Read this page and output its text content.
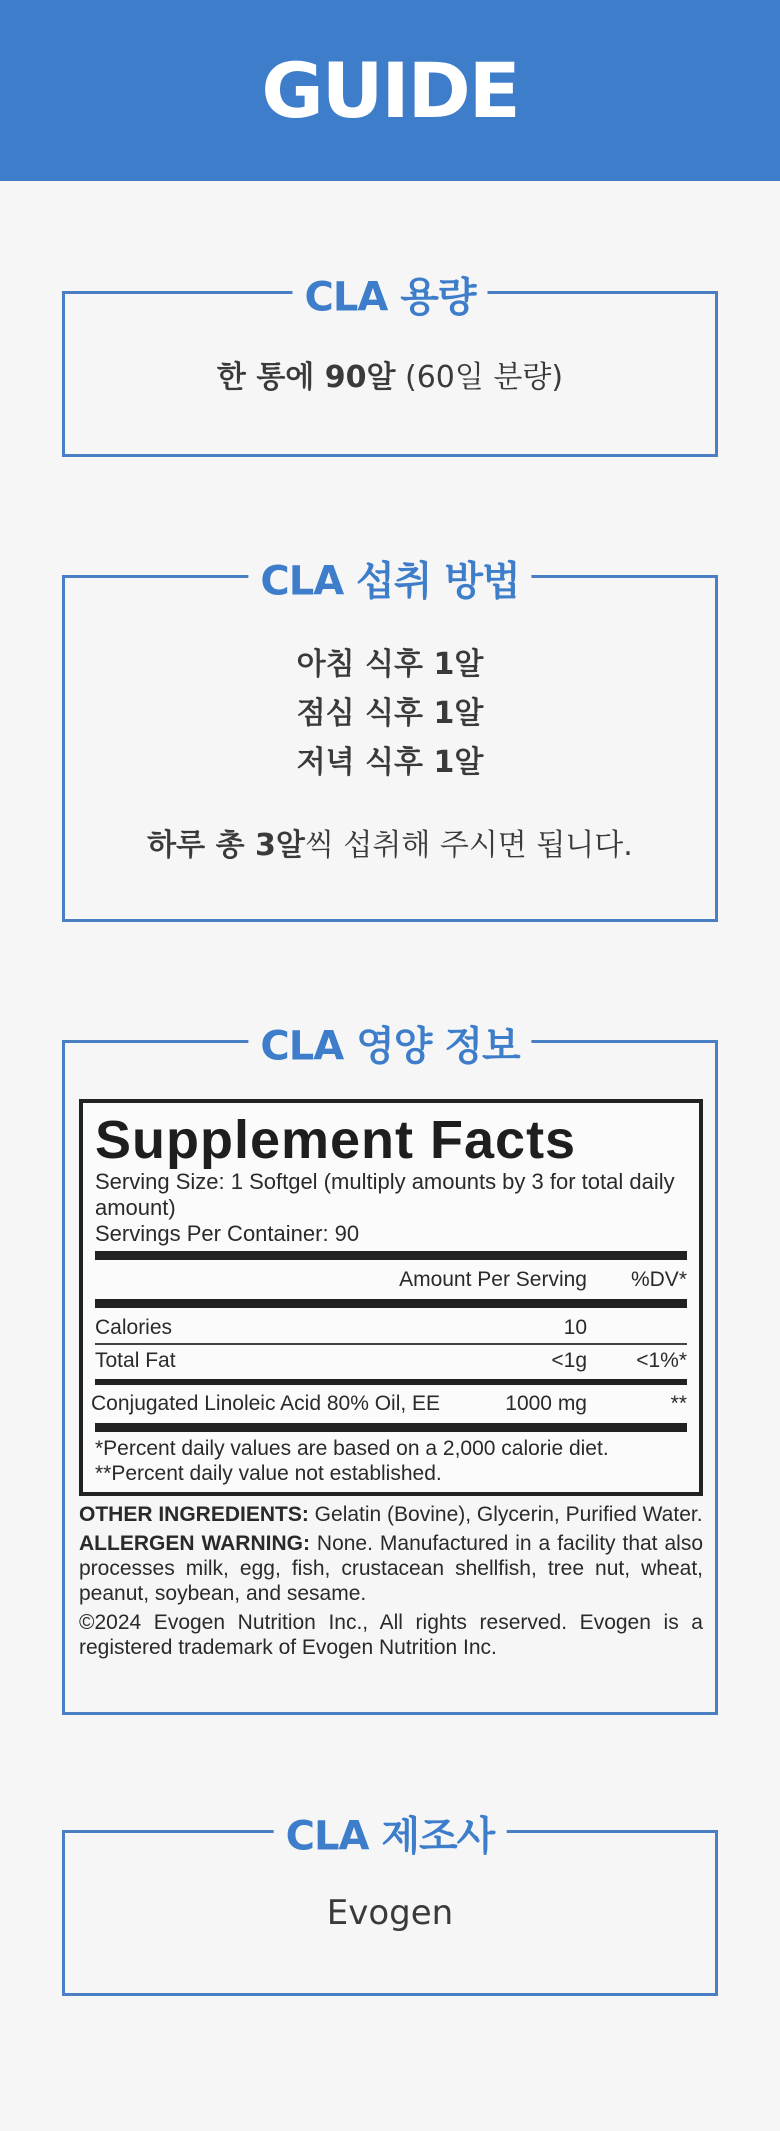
GUIDE
CLA 용량
한 통에 90알 (60일 분량)
CLA 섭취 방법
아침 식후 1알
점심 식후 1알
저녁 식후 1알
하루 총 3알씩 섭취해 주시면 됩니다.
CLA 영양 정보
Supplement Facts
Serving Size: 1 Softgel (multiply amounts by 3 for total daily amount)
Servings Per Container: 90
Amount Per Serving	%DV*
Calories	10
Total Fat	<1g	<1%*
Conjugated Linoleic Acid 80% Oil, EE	1000 mg	**
*Percent daily values are based on a 2,000 calorie diet.
**Percent daily value not established.

OTHER INGREDIENTS: Gelatin (Bovine), Glycerin, Purified Water.

ALLERGEN WARNING: None. Manufactured in a facility that also processes milk, egg, fish, crustacean shellfish, tree nut, wheat, peanut, soybean, and sesame.

©2024 Evogen Nutrition Inc., All rights reserved. Evogen is a registered trademark of Evogen Nutrition Inc.

CLA 제조사
Evogen
